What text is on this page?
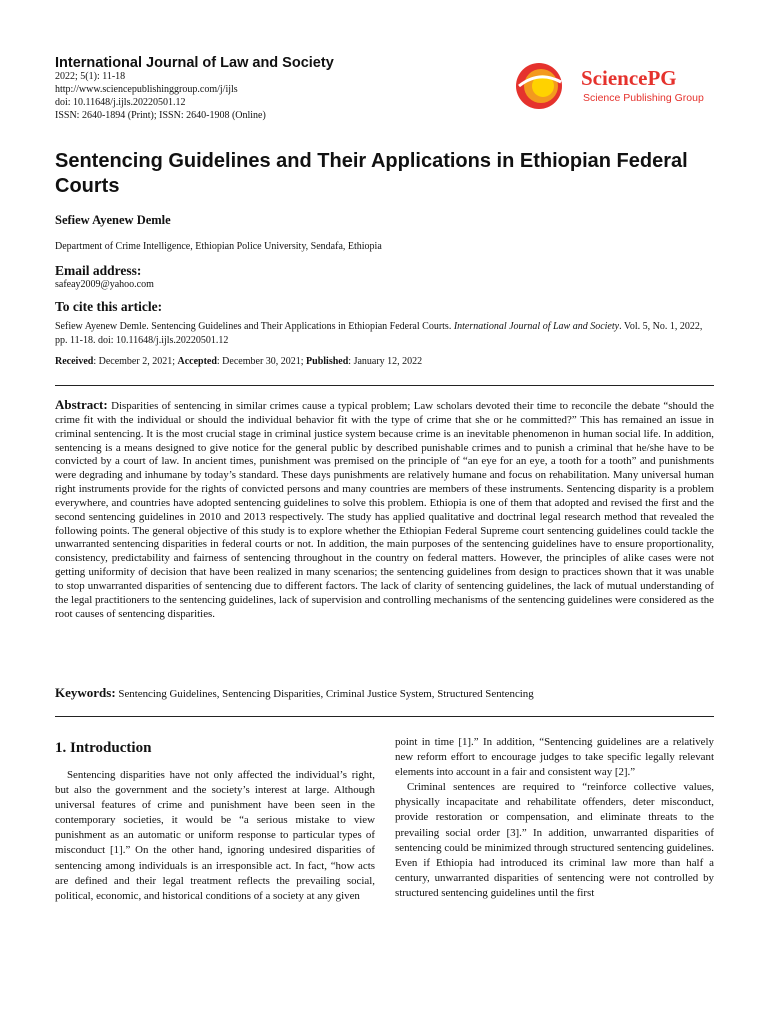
International Journal of Law and Society
2022; 5(1): 11-18
http://www.sciencepublishinggroup.com/j/ijls
doi: 10.11648/j.ijls.20220501.12
ISSN: 2640-1894 (Print); ISSN: 2640-1908 (Online)
SciencePG
Science Publishing Group
Sentencing Guidelines and Their Applications in Ethiopian Federal Courts
Sefiew Ayenew Demle
Department of Crime Intelligence, Ethiopian Police University, Sendafa, Ethiopia
Email address:
safeay2009@yahoo.com
To cite this article:
Sefiew Ayenew Demle. Sentencing Guidelines and Their Applications in Ethiopian Federal Courts. International Journal of Law and Society. Vol. 5, No. 1, 2022, pp. 11-18. doi: 10.11648/j.ijls.20220501.12
Received: December 2, 2021; Accepted: December 30, 2021; Published: January 12, 2022

Abstract: Disparities of sentencing in similar crimes cause a typical problem; Law scholars devoted their time to reconcile the debate “should the crime fit with the individual or should the individual behavior fit with the type of crime that she or he committed?” This has remained an issue in criminal sentencing. It is the most crucial stage in criminal justice system because crime is an inevitable phenomenon in human social life. In addition, sentencing is a means designed to give notice for the general public by described punishable crimes and to punish a criminal that he/she have to be convicted by a court of law. In ancient times, punishment was premised on the principle of “an eye for an eye, a tooth for a tooth” and punishments were degrading and inhumane by today’s standard. These days punishments are relatively humane and focus on rehabilitation. Many universal human right instruments provide for the rights of convicted persons and many countries are members of these instruments. Sentencing disparity is a problem everywhere, and countries have adopted sentencing guidelines to solve this problem. Ethiopia is one of them that adopted and revised the first and the second sentencing guidelines in 2010 and 2013 respectively. The study has applied qualitative and doctrinal legal research method that revealed the following points. The general objective of this study is to explore whether the Ethiopian Federal Supreme court sentencing guidelines could tackle the unwarranted sentencing disparities in federal courts or not. In addition, the main purposes of the sentencing guidelines have to ensure proportionality, consistency, predictability and fairness of sentencing throughout in the country on federal matters. However, the principles of alike cases were not getting uniformity of decision that have been realized in many scenarios; the sentencing guidelines from design to practices shown that it was unable to stop unwarranted disparities of sentencing due to different factors. The lack of clarity of sentencing guidelines, the lack of mutual understanding of the legal practitioners to the sentencing guidelines, lack of supervision and controlling mechanisms of the sentencing guidelines were considered as the root causes of sentencing disparities.

Keywords: Sentencing Guidelines, Sentencing Disparities, Criminal Justice System, Structured Sentencing
1. Introduction

Sentencing disparities have not only affected the individual’s right, but also the government and the society’s interest at large. Although universal features of crime and punishment have been seen in the contemporary societies, it would be “a serious mistake to view punishment as an automatic or uniform response to particular types of misconduct [1].” On the other hand, ignoring undesired disparities of sentencing among individuals is an irresponsible act. In fact, “how acts are defined and their legal treatment reflects the prevailing social, political, economic, and historical conditions of a society at any given

point in time [1].” In addition, “Sentencing guidelines are a relatively new reform effort to encourage judges to take specific legally relevant elements into account in a fair and consistent way [2].”

Criminal sentences are required to “reinforce collective values, physically incapacitate and rehabilitate offenders, deter misconduct, provide restoration or compensation, and eliminate threats to the prevailing social order [3].” In addition, unwarranted disparities of sentencing could be minimized through structured sentencing guidelines. Even if Ethiopia had introduced its criminal law more than half a century, unwarranted disparities of sentencing were not controlled by structured sentencing guidelines until the first
